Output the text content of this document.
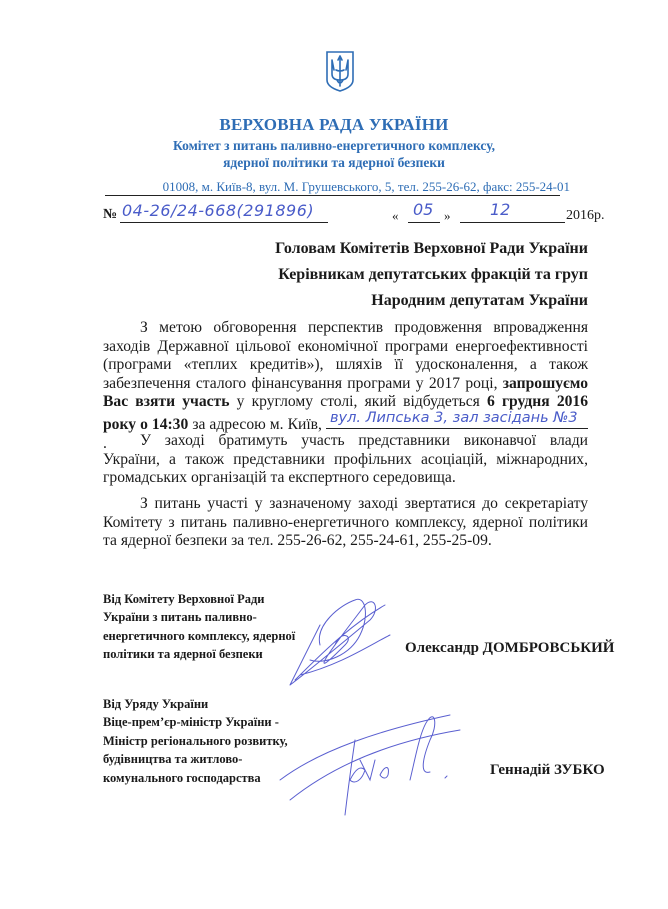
ВЕРХОВНА РАДА УКРАЇНИ
Комітет з питань паливно-енергетичного комплексу,
ядерної політики та ядерної безпеки
01008, м. Київ-8, вул. М. Грушевського, 5, тел. 255-26-62, факс: 255-24-01
№ 04-26/24-668(291896)	« 05 » 12	2016р.
Головам Комітетів Верховної Ради України
Керівникам депутатських фракцій та груп
Народним депутатам України
З метою обговорення перспектив продовження впровадження заходів Державної цільової економічної програми енергоефективності (програми «теплих кредитів»), шляхів її удосконалення, а також забезпечення сталого фінансування програми у 2017 році, запрошуємо Вас взяти участь у круглому столі, який відбудеться 6 грудня 2016 року о 14:30 за адресою м. Київ, вул. Липська 3, зал засідань №3
.	У заході братимуть участь представники виконавчої влади України, а також представники профільних асоціацій, міжнародних, громадських організацій та експертного середовища.
З питань участі у зазначеному заході звертатися до секретаріату Комітету з питань паливно-енергетичного комплексу, ядерної політики та ядерної безпеки за тел. 255-26-62, 255-24-61, 255-25-09.
Від Комітету Верховної Ради
України з питань паливно-
енергетичного комплексу, ядерної
політики та ядерної безпеки	Олександр ДОМБРОВСЬКИЙ
Від Уряду України
Віце-прем’єр-міністр України -
Міністр регіонального розвитку,
будівництва та житлово-
комунального господарства	Геннадій ЗУБКО
